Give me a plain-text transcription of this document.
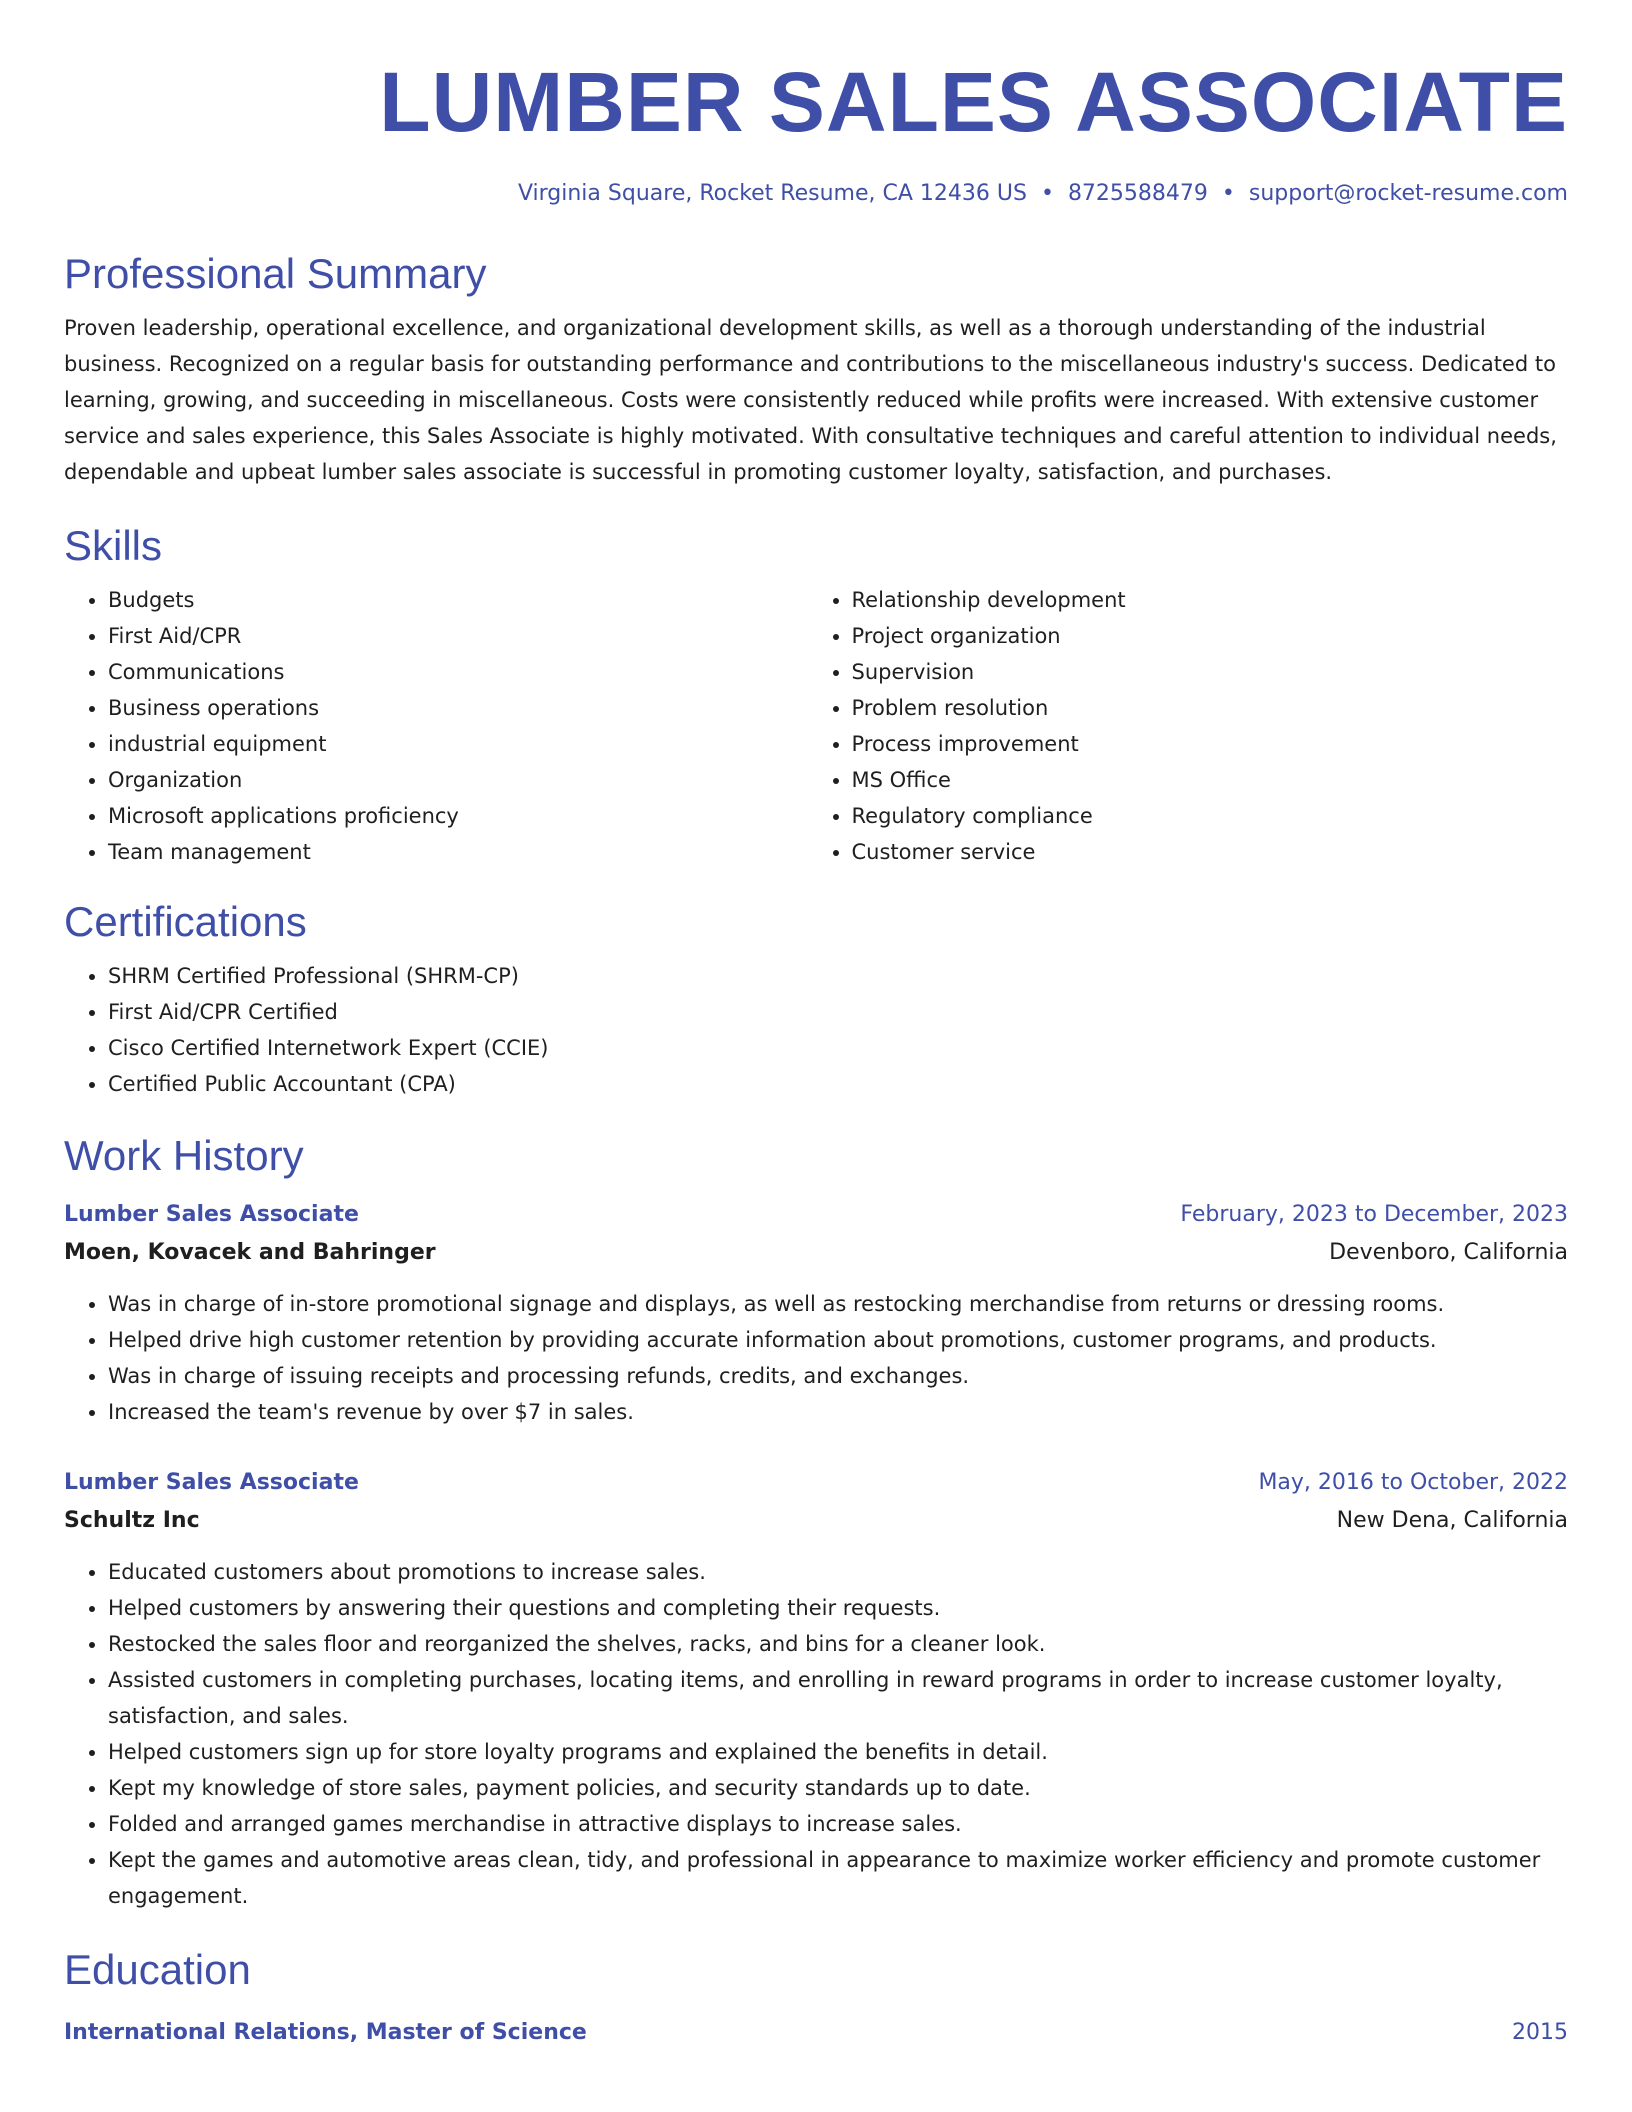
LUMBER SALES ASSOCIATE
Virginia Square, Rocket Resume, CA 12436 US • 8725588479 • support@rocket-resume.com
Professional Summary

Proven leadership, operational excellence, and organizational development skills, as well as a thorough understanding of the industrial business. Recognized on a regular basis for outstanding performance and contributions to the miscellaneous industry's success. Dedicated to learning, growing, and succeeding in miscellaneous. Costs were consistently reduced while profits were increased. With extensive customer service and sales experience, this Sales Associate is highly motivated. With consultative techniques and careful attention to individual needs, dependable and upbeat lumber sales associate is successful in promoting customer loyalty, satisfaction, and purchases.

Skills
• Budgets
• First Aid/CPR
• Communications
• Business operations
• industrial equipment
• Organization
• Microsoft applications proficiency
• Team management
• Relationship development
• Project organization
• Supervision
• Problem resolution
• Process improvement
• MS Office
• Regulatory compliance
• Customer service
Certifications
• SHRM Certified Professional (SHRM-CP)
• First Aid/CPR Certified
• Cisco Certified Internetwork Expert (CCIE)
• Certified Public Accountant (CPA)
Work History
Lumber Sales Associate	February, 2023 to December, 2023
Moen, Kovacek and Bahringer	Devenboro, California
• Was in charge of in-store promotional signage and displays, as well as restocking merchandise from returns or dressing rooms.
• Helped drive high customer retention by providing accurate information about promotions, customer programs, and products.
• Was in charge of issuing receipts and processing refunds, credits, and exchanges.
• Increased the team's revenue by over $7 in sales.
Lumber Sales Associate	May, 2016 to October, 2022
Schultz Inc	New Dena, California
• Educated customers about promotions to increase sales.
• Helped customers by answering their questions and completing their requests.
• Restocked the sales floor and reorganized the shelves, racks, and bins for a cleaner look.
• Assisted customers in completing purchases, locating items, and enrolling in reward programs in order to increase customer loyalty, satisfaction, and sales.
• Helped customers sign up for store loyalty programs and explained the benefits in detail.
• Kept my knowledge of store sales, payment policies, and security standards up to date.
• Folded and arranged games merchandise in attractive displays to increase sales.
• Kept the games and automotive areas clean, tidy, and professional in appearance to maximize worker efficiency and promote customer engagement.
Education
International Relations, Master of Science	2015
